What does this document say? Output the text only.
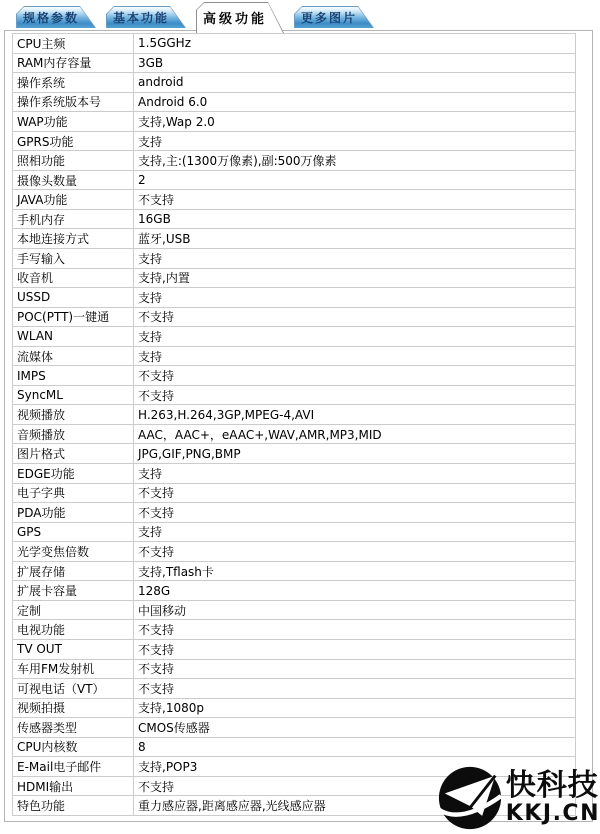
规格参数	基本功能	高级功能	更多图片
CPU主频	1.5GGHz
RAM内存容量	3GB
操作系统	android
操作系统版本号	Android 6.0
WAP功能	支持,Wap 2.0
GPRS功能	支持
照相功能	支持,主:(1300万像素),副:500万像素
摄像头数量	2
JAVA功能	不支持
手机内存	16GB
本地连接方式	蓝牙,USB
手写输入	支持
收音机	支持,内置
USSD	支持
POC(PTT)一键通	不支持
WLAN	支持
流媒体	支持
IMPS	不支持
SyncML	不支持
视频播放	H.263,H.264,3GP,MPEG-4,AVI
音频播放	AAC，AAC+，eAAC+,WAV,AMR,MP3,MID
图片格式	JPG,GIF,PNG,BMP
EDGE功能	支持
电子字典	不支持
PDA功能	不支持
GPS	支持
光学变焦倍数	不支持
扩展存储	支持,Tflash卡
扩展卡容量	128G
定制	中国移动
电视功能	不支持
TV OUT	不支持
车用FM发射机	不支持
可视电话（VT）	不支持
视频拍摄	支持,1080p
传感器类型	CMOS传感器
CPU内核数	8
E-Mail电子邮件	支持,POP3
HDMI输出	不支持
特色功能	重力感应器,距离感应器,光线感应器
快科技
KKJ.CN
